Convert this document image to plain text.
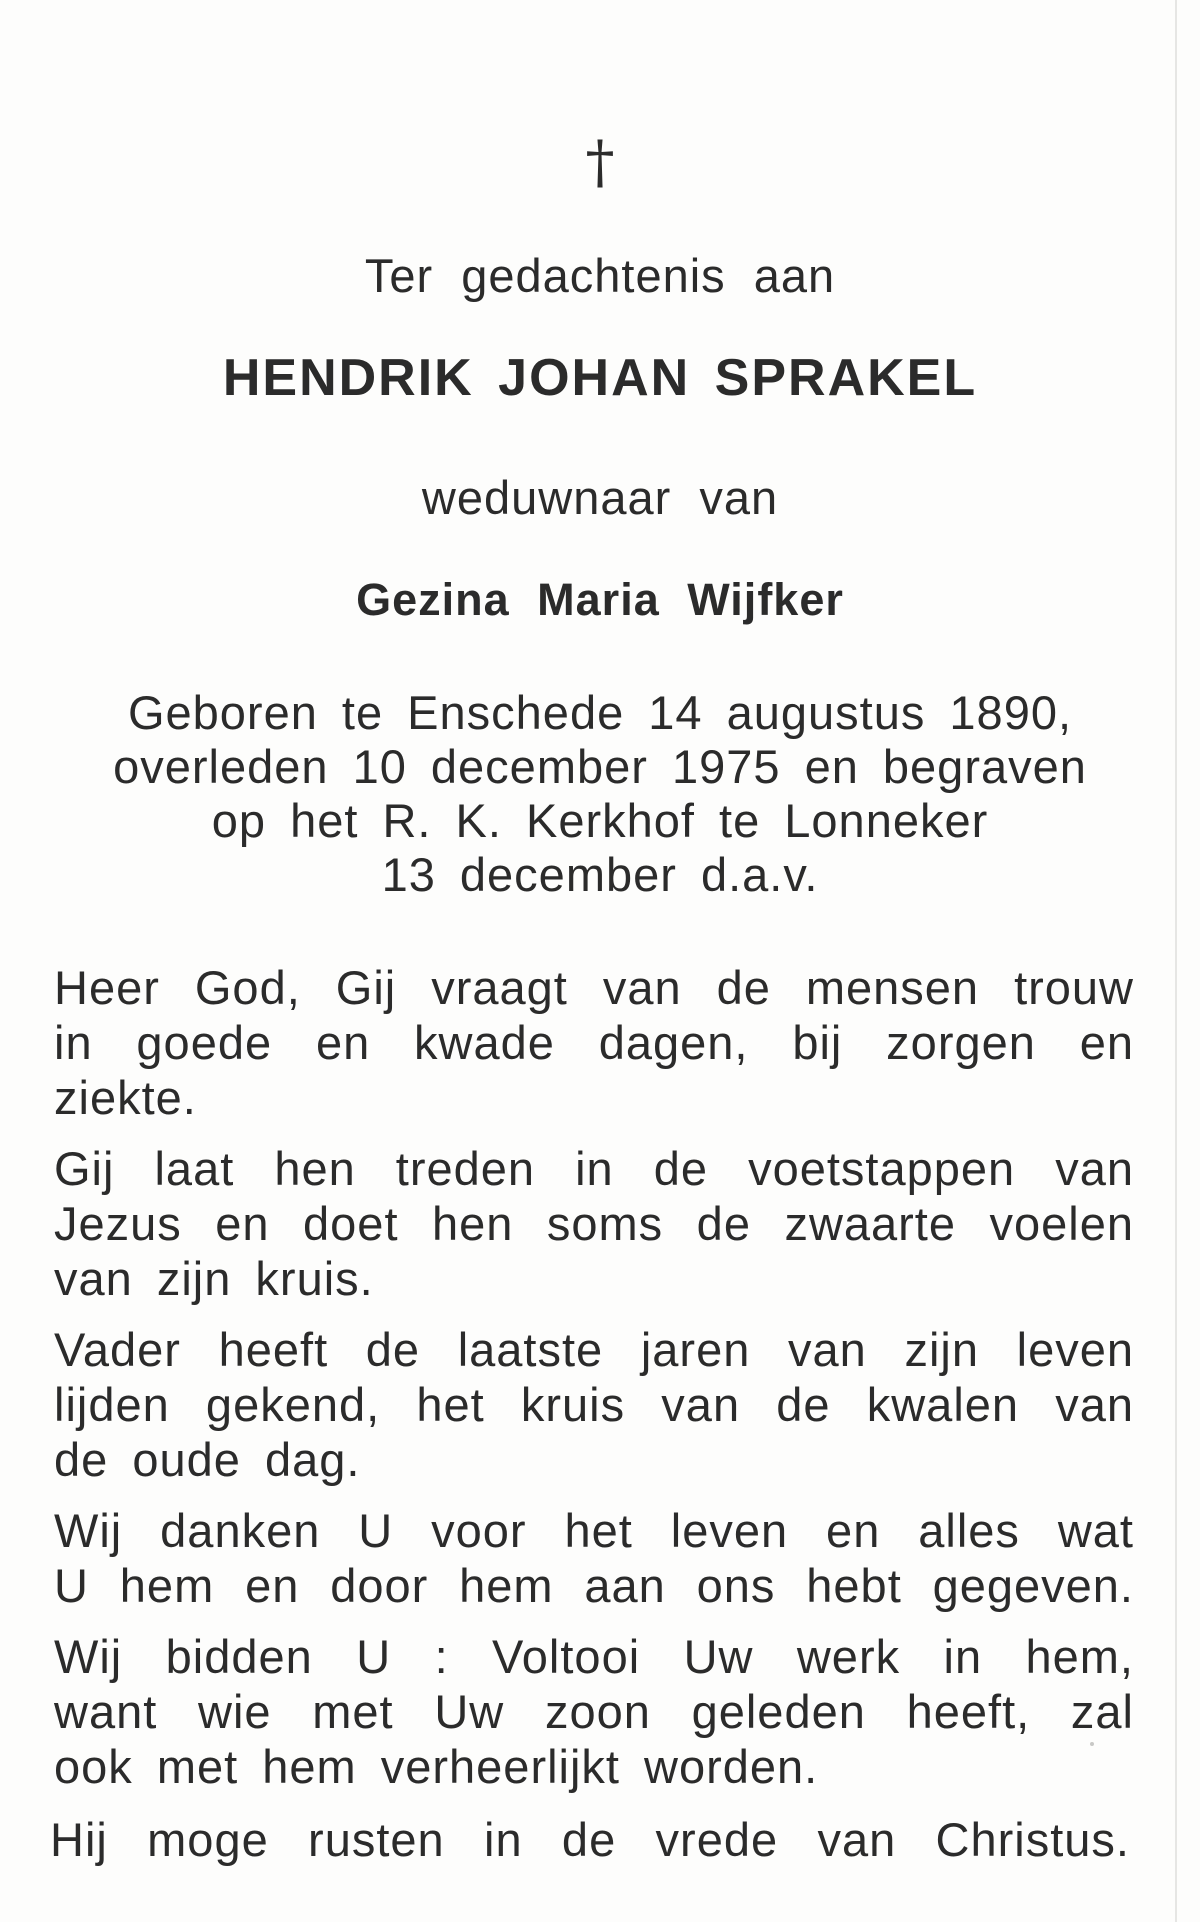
†
Ter gedachtenis aan
HENDRIK JOHAN SPRAKEL
weduwnaar van
Gezina Maria Wijfker
Geboren te Enschede 14 augustus 1890,
overleden 10 december 1975 en begraven
op het R. K. Kerkhof te Lonneker
13 december d.a.v.

Heer God, Gij vraagt van de mensen trouw
in goede en kwade dagen, bij zorgen en
ziekte.

Gij laat hen treden in de voetstappen van
Jezus en doet hen soms de zwaarte voelen
van zijn kruis.

Vader heeft de laatste jaren van zijn leven
lijden gekend, het kruis van de kwalen van
de oude dag.

Wij danken U voor het leven en alles wat
U hem en door hem aan ons hebt gegeven.

Wij bidden U : Voltooi Uw werk in hem,
want wie met Uw zoon geleden heeft, zal
ook met hem verheerlijkt worden.

Hij moge rusten in de vrede van Christus.
